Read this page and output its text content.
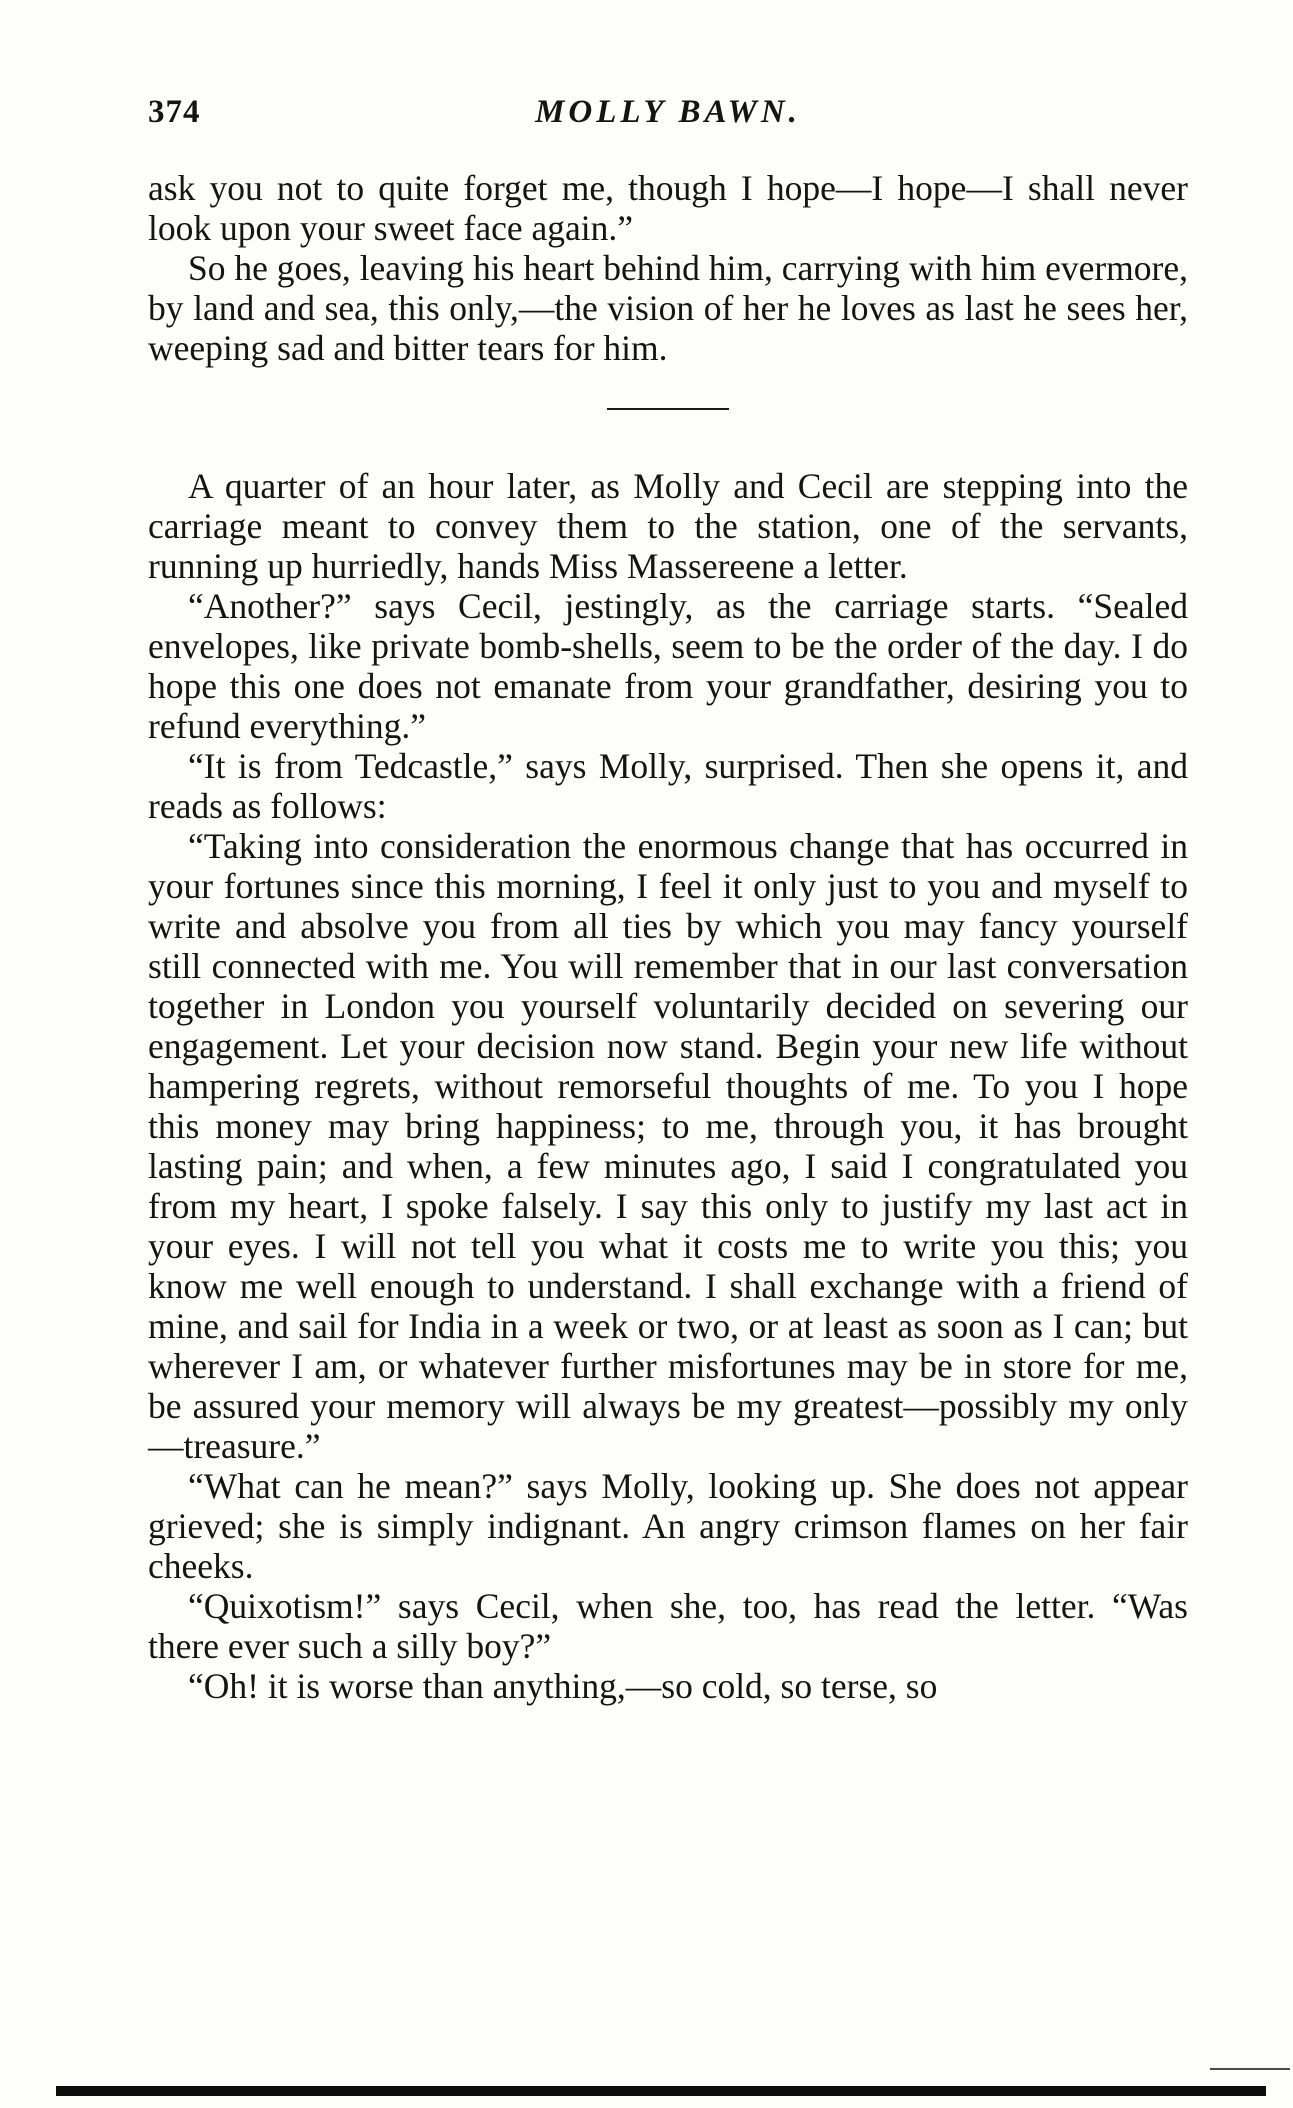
374	MOLLY BAWN.

ask you not to quite forget me, though I hope—I hope—I shall never look upon your sweet face again.”

So he goes, leaving his heart behind him, carrying with him evermore, by land and sea, this only,—the vision of her he loves as last he sees her, weeping sad and bitter tears for him.

A quarter of an hour later, as Molly and Cecil are stepping into the carriage meant to convey them to the station, one of the servants, running up hurriedly, hands Miss Massereene a letter.

“Another?” says Cecil, jestingly, as the carriage starts. “Sealed envelopes, like private bomb-shells, seem to be the order of the day. I do hope this one does not emanate from your grandfather, desiring you to refund everything.”

“It is from Tedcastle,” says Molly, surprised. Then she opens it, and reads as follows:

“Taking into consideration the enormous change that has occurred in your fortunes since this morning, I feel it only just to you and myself to write and absolve you from all ties by which you may fancy yourself still connected with me. You will remember that in our last conversation together in London you yourself voluntarily decided on severing our engagement. Let your decision now stand. Begin your new life without hampering regrets, without remorseful thoughts of me. To you I hope this money may bring happiness; to me, through you, it has brought lasting pain; and when, a few minutes ago, I said I congratulated you from my heart, I spoke falsely. I say this only to justify my last act in your eyes. I will not tell you what it costs me to write you this; you know me well enough to understand. I shall exchange with a friend of mine, and sail for India in a week or two, or at least as soon as I can; but wherever I am, or whatever further misfortunes may be in store for me, be assured your memory will always be my greatest—possibly my only—treasure.”

“What can he mean?” says Molly, looking up. She does not appear grieved; she is simply indignant. An angry crimson flames on her fair cheeks.

“Quixotism!” says Cecil, when she, too, has read the letter. “Was there ever such a silly boy?”

“Oh! it is worse than anything,—so cold, so terse, so
